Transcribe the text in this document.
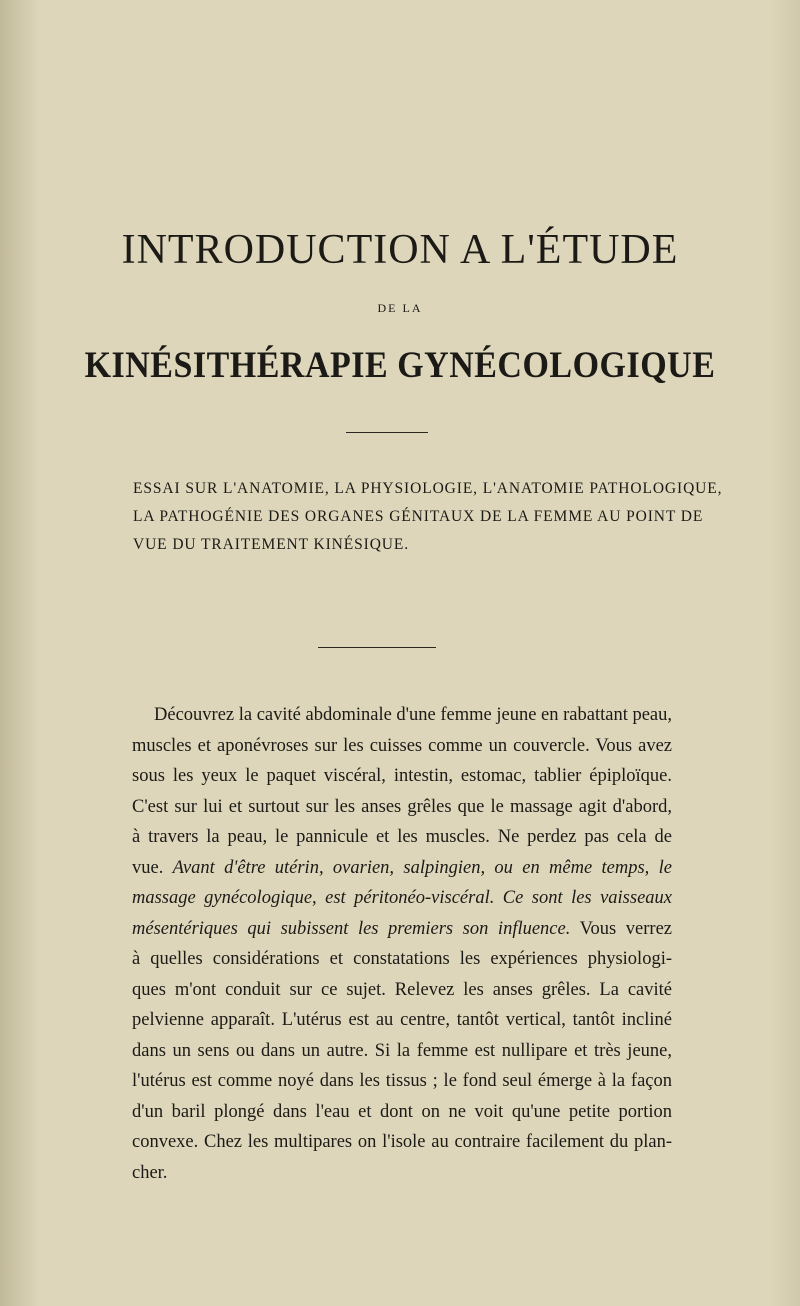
INTRODUCTION A L'ÉTUDE
DE LA
KINÉSITHÉRAPIE GYNÉCOLOGIQUE
ESSAI SUR L'ANATOMIE, LA PHYSIOLOGIE, L'ANATOMIE PATHOLOGIQUE,
LA PATHOGÉNIE DES ORGANES GÉNITAUX DE LA FEMME AU POINT DE
VUE DU TRAITEMENT KINÉSIQUE.
Découvrez la cavité abdominale d'une femme jeune en rabattant peau,
muscles et aponévroses sur les cuisses comme un couvercle. Vous avez
sous les yeux le paquet viscéral, intestin, estomac, tablier épiploïque.
C'est sur lui et surtout sur les anses grêles que le massage agit d'abord,
à travers la peau, le pannicule et les muscles. Ne perdez pas cela de
vue. Avant d'être utérin, ovarien, salpingien, ou en même temps, le
massage gynécologique, est péritonéo-viscéral. Ce sont les vaisseaux
mésentériques qui subissent les premiers son influence. Vous verrez
à quelles considérations et constatations les expériences physiologi-
ques m'ont conduit sur ce sujet. Relevez les anses grêles. La cavité
pelvienne apparaît. L'utérus est au centre, tantôt vertical, tantôt incliné
dans un sens ou dans un autre. Si la femme est nullipare et très jeune,
l'utérus est comme noyé dans les tissus ; le fond seul émerge à la façon
d'un baril plongé dans l'eau et dont on ne voit qu'une petite portion
convexe. Chez les multipares on l'isole au contraire facilement du plan-
cher.
